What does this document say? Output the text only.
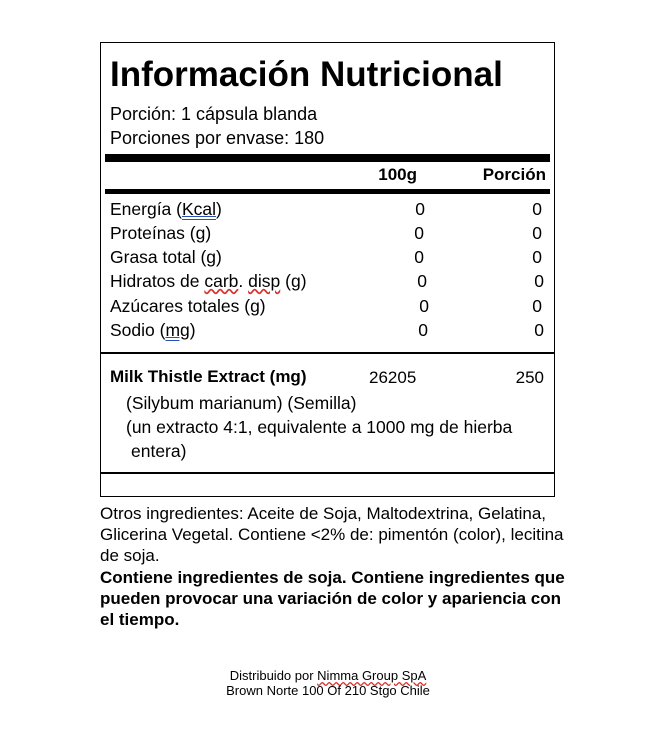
Información Nutricional
Porción: 1 cápsula blanda
Porciones por envase: 180
100g	Porción
Energía (Kcal)	0	0
Proteínas (g)	0	0
Grasa total (g)	0	0
Hidratos de carb. disp (g)	0	0
Azúcares totales (g)	0	0
Sodio (mg)	0	0
Milk Thistle Extract (mg)	26205	250
(Silybum marianum) (Semilla)
(un extracto 4:1, equivalente a 1000 mg de hierba
entera)
Otros ingredientes: Aceite de Soja, Maltodextrina, Gelatina, Glicerina Vegetal. Contiene <2% de: pimentón (color), lecitina de soja.
Contiene ingredientes de soja. Contiene ingredientes que pueden provocar una variación de color y apariencia con el tiempo.
Distribuido por Nimma Group SpA
Brown Norte 100 Of 210 Stgo Chile
